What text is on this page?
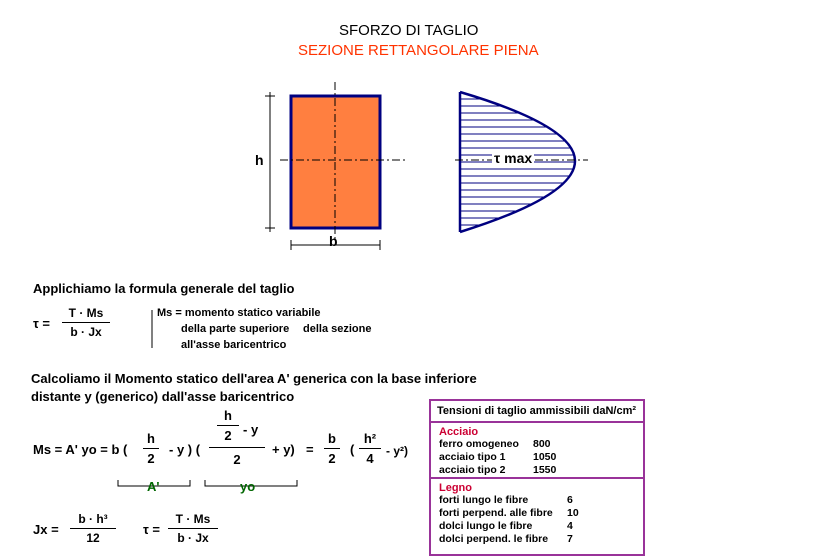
SFORZO DI TAGLIO
SEZIONE RETTANGOLARE PIENA
h
b
τ max
Applichiamo la formula generale del taglio
τ =
T · Ms
b · Jx
Ms = momento statico variabile
della parte superiore della sezione
all'asse baricentrico
Calcoliamo il Momento statico dell'area A' generica con la base inferiore
distante y (generico) dall'asse baricentrico
Ms = A' yo = b (
h
2
- y ) (
h
2 - y
2
+ y) =
b
2
(
h²
4	- y²)
A'	yo
Jx =
b · h³
12
τ =
T · Ms
b · Jx
Tensioni di taglio ammissibili daN/cm²
Acciaio
ferro omogeneo 800
acciaio tipo 1	1050
acciaio tipo 2	1550
Legno
forti lungo le fibre	6
forti perpend. alle fibre 10
dolci lungo le fibre	4
dolci perpend. le fibre 7
